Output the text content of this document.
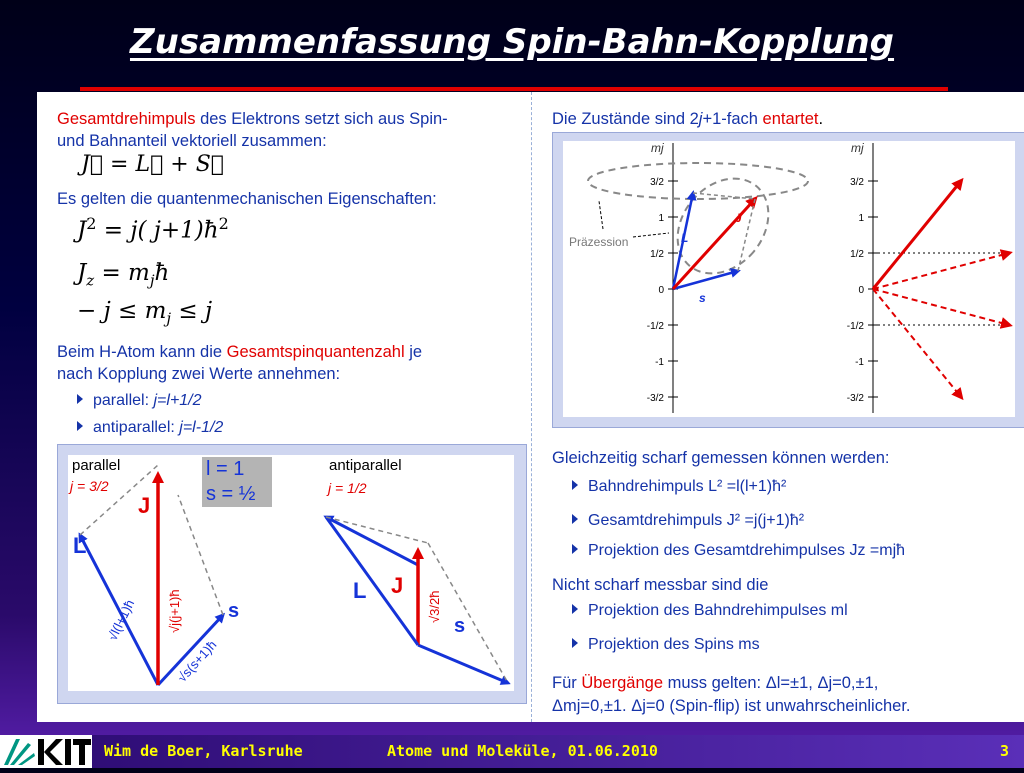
Zusammenfassung Spin-Bahn-Kopplung
Gesamtdrehimpuls des Elektrons setzt sich aus Spin-
und Bahnanteil vektoriell zusammen:
J⃗ = L⃗ + S⃗
Es gelten die quantenmechanischen Eigenschaften:
$J^2 = j$( $j+1)ħ^2$
$J_z$ = $m_jħ$
− $j \le m_j \le j$
Beim H-Atom kann die Gesamtspinquantenzahl je
nach Kopplung zwei Werte annehmen:
parallel: j=l+1/2
antiparallel: j=l-1/2
parallel
j = 3/2
antiparallel
j = 1/2
l = 1
s = ½
J
L
s
L J
s
√l(l+1)ħ √j(j+1)ħ
√s(s+1)ħ
√3/2ħ
Die Zustände sind 2j+1-fach entartet.
3/2
1
1/2
0
-1/2
-1
-3/2
3/2
1
1/2
0
-1/2
-1
-3/2
Präzession
mj	mj
L
J
s
Gleichzeitig scharf gemessen können werden:
Bahndrehimpuls L² =l(l+1)ħ²
Gesamtdrehimpuls J² =j(j+1)ħ²
Projektion des Gesamtdrehimpulses Jz =mjħ
Nicht scharf messbar sind die
Projektion des Bahndrehimpulses ml
Projektion des Spins ms
Für Übergänge muss gelten: Δl=±1, Δj=0,±1,
Δmj=0,±1. Δj=0 (Spin-flip) ist unwahrscheinlicher.
Wim de Boer, Karlsruhe	Atome und Moleküle, 01.06.2010	3
